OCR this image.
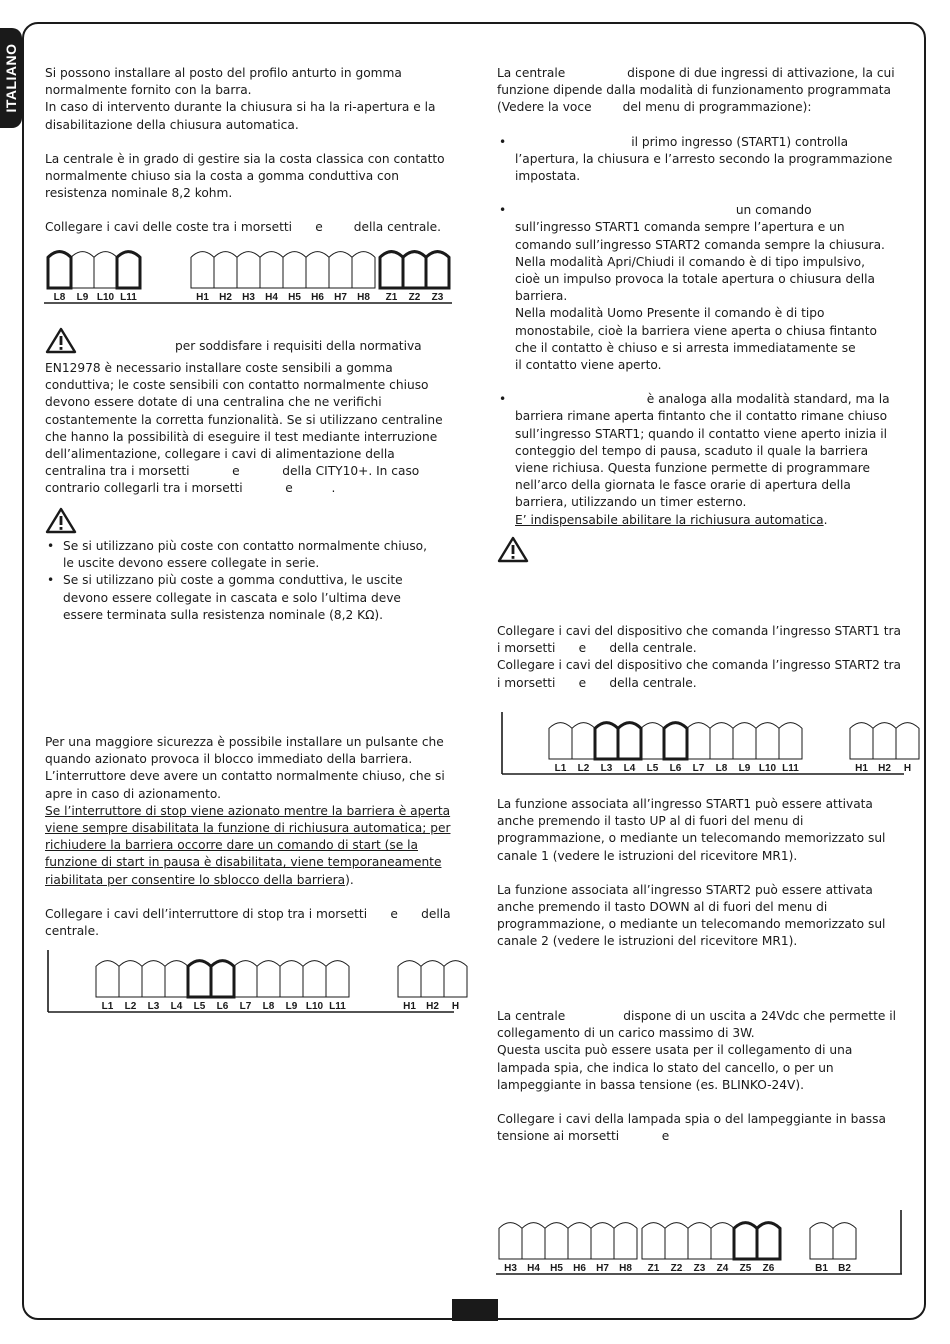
ITALIANO Si possono installare al posto del profilo anturto in gomma

normalmente fornito con la barra.

In caso di intervento durante la chiusura si ha la ri-apertura e la

disabilitazione della chiusura automatica.

La centrale è in grado di gestire sia la costa classica con contatto

normalmente chiuso sia la costa a gomma conduttiva con

resistenza nominale 8,2 kohm.

Collegare i cavi delle coste tra i morsetti      e        della centrale.

L8 L9 L10 L11	H1 H2 H3 H4 H5 H6 H7 H8 Z1 Z2 Z3

per soddisfare i requisiti della normativa

EN12978 è necessario installare coste sensibili a gomma

conduttiva; le coste sensibili con contatto normalmente chiuso

devono essere dotate di una centralina che ne verifichi

costantemente la corretta funzionalità. Se si utilizzano centraline

che hanno la possibilità di eseguire il test mediante interruzione

dell’alimentazione, collegare i cavi di alimentazione della

centralina tra i morsetti           e           della CITY10+. In caso

contrario collegarli tra i morsetti           e          .

• Se si utilizzano più coste con contatto normalmente chiuso,

le uscite devono essere collegate in serie.

• Se si utilizzano più coste a gomma conduttiva, le uscite

devono essere collegate in cascata e solo l’ultima deve

essere terminata sulla resistenza nominale (8,2 KΩ).

Per una maggiore sicurezza è possibile installare un pulsante che

quando azionato provoca il blocco immediato della barriera.

L’interruttore deve avere un contatto normalmente chiuso, che si

apre in caso di azionamento.

Se l’interruttore di stop viene azionato mentre la barriera è aperta

viene sempre disabilitata la funzione di richiusura automatica; per

richiudere la barriera occorre dare un comando di start (se la

funzione di start in pausa è disabilitata, viene temporaneamente

riabilitata per consentire lo sblocco della barriera).

Collegare i cavi dell’interruttore di stop tra i morsetti      e      della

centrale.

L1 L2 L3 L4 L5 L6 L7 L8 L9 L10 L11	H1 H2 H

La centrale                dispone di due ingressi di attivazione, la cui

funzione dipende dalla modalità di funzionamento programmata

(Vedere la voce        del menu di programmazione):

•                               il primo ingresso (START1) controlla

l’apertura, la chiusura e l’arresto secondo la programmazione

impostata.

•                                                          un comando

sull’ingresso START1 comanda sempre l’apertura e un

comando sull’ingresso START2 comanda sempre la chiusura.

Nella modalità Apri/Chiudi il comando è di tipo impulsivo,

cioè un impulso provoca la totale apertura o chiusura della

barriera.

Nella modalità Uomo Presente il comando è di tipo

monostabile, cioè la barriera viene aperta o chiusa fintanto

che il contatto è chiuso e si arresta immediatamente se

il contatto viene aperto.

•                                   è analoga alla modalità standard, ma la

barriera rimane aperta fintanto che il contatto rimane chiuso

sull’ingresso START1; quando il contatto viene aperto inizia il

conteggio del tempo di pausa, scaduto il quale la barriera

viene richiusa. Questa funzione permette di programmare

nell’arco della giornata le fasce orarie di apertura della

barriera, utilizzando un timer esterno.

E’ indispensabile abilitare la richiusura automatica.

Collegare i cavi del dispositivo che comanda l’ingresso START1 tra

i morsetti      e      della centrale.

Collegare i cavi del dispositivo che comanda l’ingresso START2 tra

i morsetti      e      della centrale.

L1 L2 L3 L4 L5 L6 L7 L8 L9 L10 L11	H1 H2 H

La funzione associata all’ingresso START1 può essere attivata

anche premendo il tasto UP al di fuori del menu di

programmazione, o mediante un telecomando memorizzato sul

canale 1 (vedere le istruzioni del ricevitore MR1).

La funzione associata all’ingresso START2 può essere attivata

anche premendo il tasto DOWN al di fuori del menu di

programmazione, o mediante un telecomando memorizzato sul

canale 2 (vedere le istruzioni del ricevitore MR1).

La centrale               dispone di un uscita a 24Vdc che permette il

collegamento di un carico massimo di 3W.

Questa uscita può essere usata per il collegamento di una

lampada spia, che indica lo stato del cancello, o per un

lampeggiante in bassa tensione (es. BLINKO-24V).

Collegare i cavi della lampada spia o del lampeggiante in bassa

tensione ai morsetti           e

H3 H4 H5 H6 H7 H8 Z1 Z2 Z3 Z4 Z5 Z6	B1 B2
